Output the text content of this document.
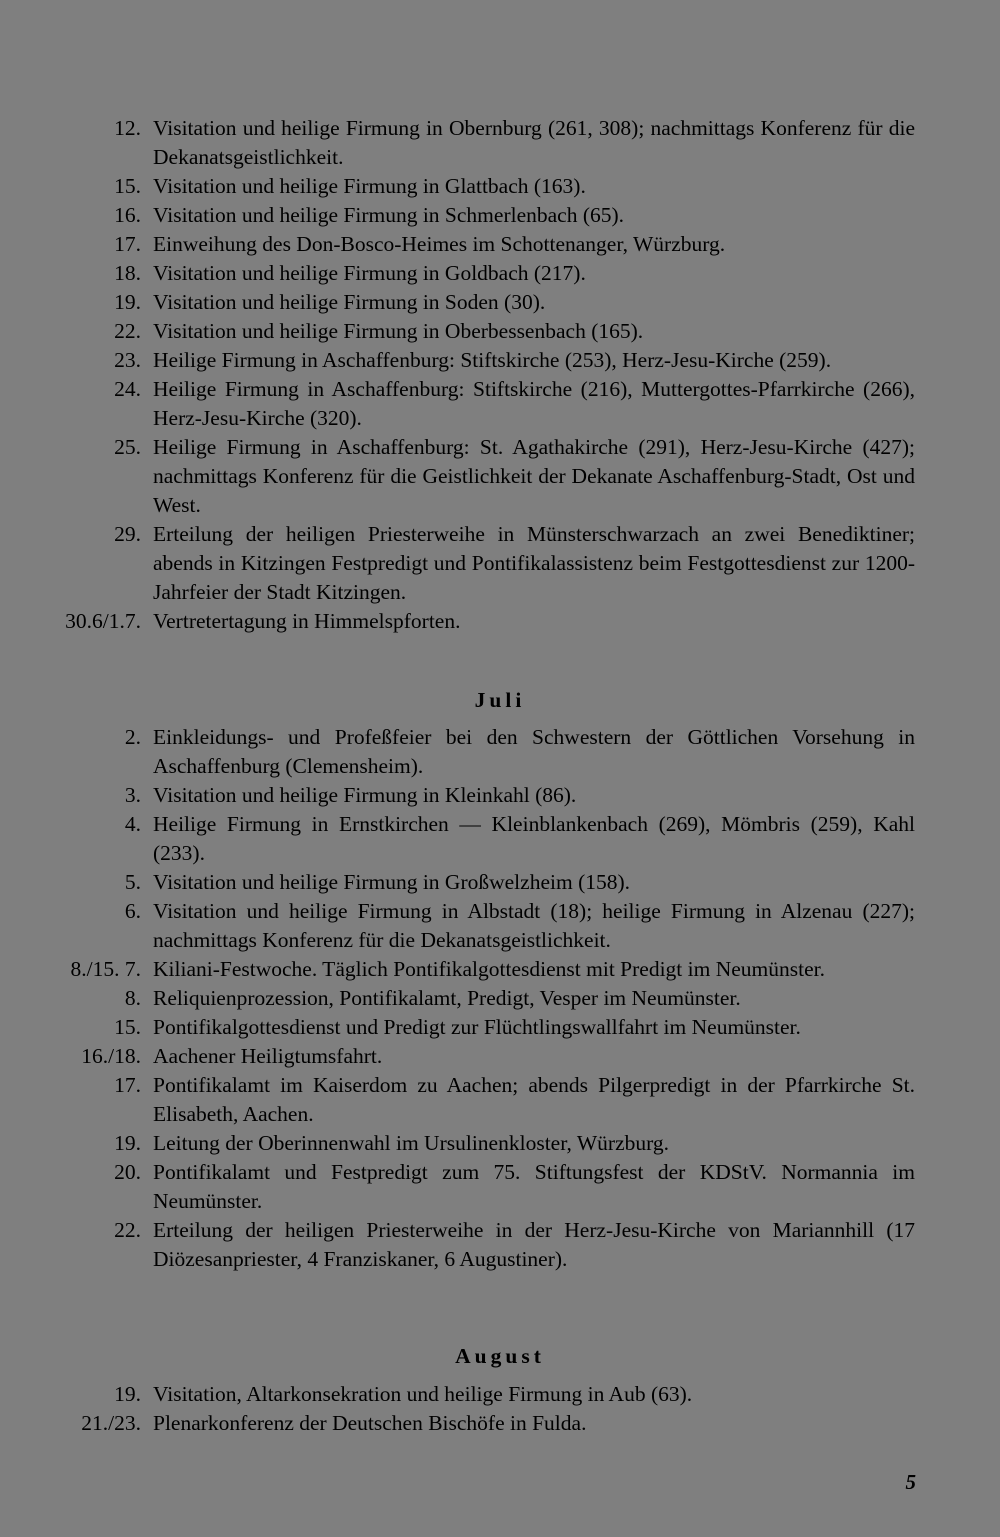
12. Visitation und heilige Firmung in Obernburg (261, 308); nachmittags Konferenz für die Dekanatsgeistlichkeit.
15. Visitation und heilige Firmung in Glattbach (163).
16. Visitation und heilige Firmung in Schmerlenbach (65).
17. Einweihung des Don-Bosco-Heimes im Schottenanger, Würzburg.
18. Visitation und heilige Firmung in Goldbach (217).
19. Visitation und heilige Firmung in Soden (30).
22. Visitation und heilige Firmung in Oberbessenbach (165).
23. Heilige Firmung in Aschaffenburg: Stiftskirche (253), Herz-Jesu-Kirche (259).
24. Heilige Firmung in Aschaffenburg: Stiftskirche (216), Muttergottes-Pfarrkirche (266), Herz-Jesu-Kirche (320).
25. Heilige Firmung in Aschaffenburg: St. Agathakirche (291), Herz-Jesu-Kirche (427); nachmittags Konferenz für die Geistlichkeit der Dekanate Aschaffenburg-Stadt, Ost und West.
29. Erteilung der heiligen Priesterweihe in Münsterschwarzach an zwei Benediktiner; abends in Kitzingen Festpredigt und Pontifikalassistenz beim Festgottesdienst zur 1200-Jahrfeier der Stadt Kitzingen.
30.6/1.7. Vertretertagung in Himmelspforten.
Juli
2. Einkleidungs- und Profeßfeier bei den Schwestern der Göttlichen Vorsehung in Aschaffenburg (Clemensheim).
3. Visitation und heilige Firmung in Kleinkahl (86).
4. Heilige Firmung in Ernstkirchen — Kleinblankenbach (269), Mömbris (259), Kahl (233).
5. Visitation und heilige Firmung in Großwelzheim (158).
6. Visitation und heilige Firmung in Albstadt (18); heilige Firmung in Alzenau (227); nachmittags Konferenz für die Dekanatsgeistlichkeit.
8./15. 7. Kiliani-Festwoche. Täglich Pontifikalgottesdienst mit Predigt im Neumünster.
8. Reliquienprozession, Pontifikalamt, Predigt, Vesper im Neumünster.
15. Pontifikalgottesdienst und Predigt zur Flüchtlingswallfahrt im Neumünster.
16./18. Aachener Heiligtumsfahrt.
17. Pontifikalamt im Kaiserdom zu Aachen; abends Pilgerpredigt in der Pfarrkirche St. Elisabeth, Aachen.
19. Leitung der Oberinnenwahl im Ursulinenkloster, Würzburg.
20. Pontifikalamt und Festpredigt zum 75. Stiftungsfest der KDStV. Normannia im Neumünster.
22. Erteilung der heiligen Priesterweihe in der Herz-Jesu-Kirche von Mariannhill (17 Diözesanpriester, 4 Franziskaner, 6 Augustiner).
August
19. Visitation, Altarkonsekration und heilige Firmung in Aub (63).
21./23. Plenarkonferenz der Deutschen Bischöfe in Fulda.
5
